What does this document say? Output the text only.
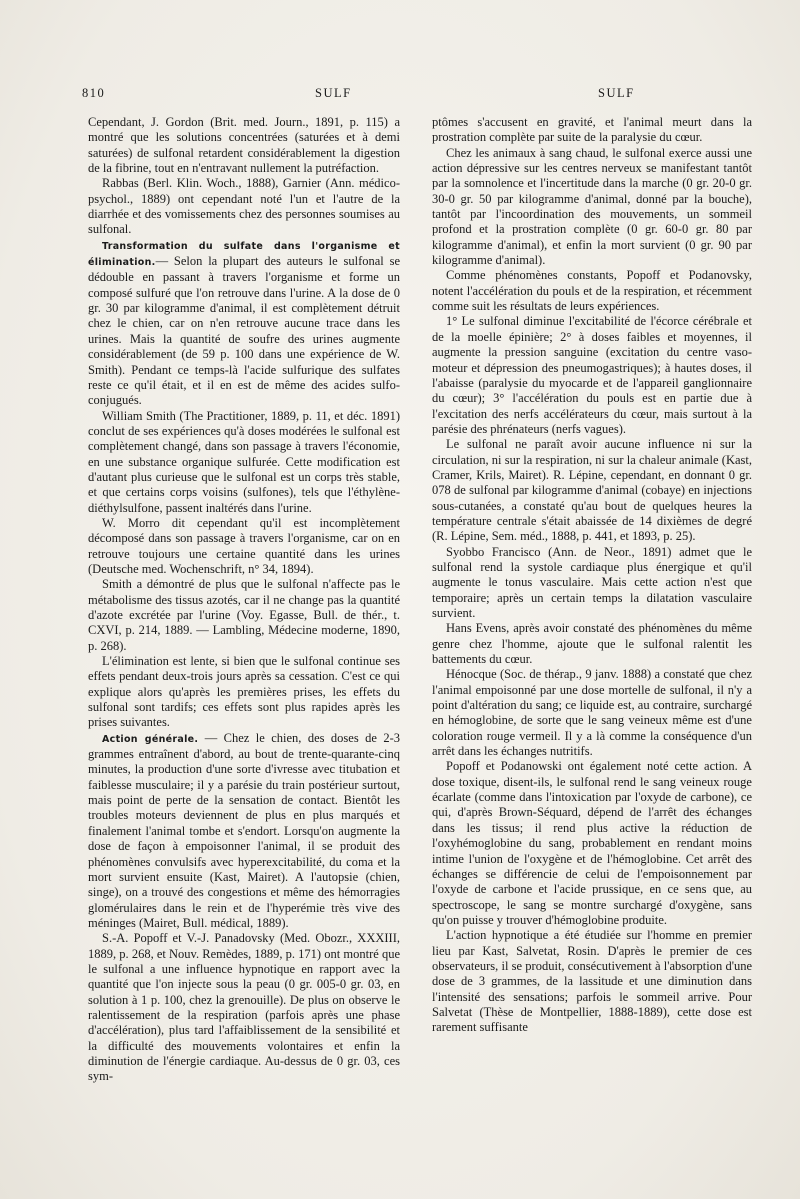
810	SULF	SULF

Cependant, J. Gordon (Brit. med. Journ., 1891, p. 115) a montré que les solutions concentrées (saturées et à demi saturées) de sulfonal retardent considérablement la digestion de la fibrine, tout en n'entravant nullement la putréfaction.

Rabbas (Berl. Klin. Woch., 1888), Garnier (Ann. médico-psychol., 1889) ont cependant noté l'un et l'autre de la diarrhée et des vomissements chez des personnes soumises au sulfonal.

Transformation du sulfate dans l'organisme et élimination.— Selon la plupart des auteurs le sulfonal se dédouble en passant à travers l'organisme et forme un composé sulfuré que l'on retrouve dans l'urine. A la dose de 0 gr. 30 par kilogramme d'animal, il est complètement détruit chez le chien, car on n'en retrouve aucune trace dans les urines. Mais la quantité de soufre des urines augmente considérablement (de 59 p. 100 dans une expérience de W. Smith). Pendant ce temps-là l'acide sulfurique des sulfates reste ce qu'il était, et il en est de même des acides sulfo-conjugués.

William Smith (The Practitioner, 1889, p. 11, et déc. 1891) conclut de ses expériences qu'à doses modérées le sulfonal est complètement changé, dans son passage à travers l'économie, en une substance organique sulfurée. Cette modification est d'autant plus curieuse que le sulfonal est un corps très stable, et que certains corps voisins (sulfones), tels que l'éthylène-diéthylsulfone, passent inaltérés dans l'urine.

W. Morro dit cependant qu'il est incomplètement décomposé dans son passage à travers l'organisme, car on en retrouve toujours une certaine quantité dans les urines (Deutsche med. Wochenschrift, n° 34, 1894).

Smith a démontré de plus que le sulfonal n'affecte pas le métabolisme des tissus azotés, car il ne change pas la quantité d'azote excrétée par l'urine (Voy. Egasse, Bull. de thér., t. CXVI, p. 214, 1889. — Lambling, Médecine moderne, 1890, p. 268).

L'élimination est lente, si bien que le sulfonal continue ses effets pendant deux-trois jours après sa cessation. C'est ce qui explique alors qu'après les premières prises, les effets du sulfonal sont tardifs; ces effets sont plus rapides après les prises suivantes.

Action générale. — Chez le chien, des doses de 2-3 grammes entraînent d'abord, au bout de trente-quarante-cinq minutes, la production d'une sorte d'ivresse avec titubation et faiblesse musculaire; il y a parésie du train postérieur surtout, mais point de perte de la sensation de contact. Bientôt les troubles moteurs deviennent de plus en plus marqués et finalement l'animal tombe et s'endort. Lorsqu'on augmente la dose de façon à empoisonner l'animal, il se produit des phénomènes convulsifs avec hyperexcitabilité, du coma et la mort survient ensuite (Kast, Mairet). A l'autopsie (chien, singe), on a trouvé des congestions et même des hémorragies glomérulaires dans le rein et de l'hyperémie très vive des méninges (Mairet, Bull. médical, 1889).

S.-A. Popoff et V.-J. Panadovsky (Med. Obozr., XXXIII, 1889, p. 268, et Nouv. Remèdes, 1889, p. 171) ont montré que le sulfonal a une influence hypnotique en rapport avec la quantité que l'on injecte sous la peau (0 gr. 005-0 gr. 03, en solution à 1 p. 100, chez la grenouille). De plus on observe le ralentissement de la respiration (parfois après une phase d'accélération), plus tard l'affaiblissement de la sensibilité et la difficulté des mouvements volontaires et enfin la diminution de l'énergie cardiaque. Au-dessus de 0 gr. 03, ces sym-

ptômes s'accusent en gravité, et l'animal meurt dans la prostration complète par suite de la paralysie du cœur.

Chez les animaux à sang chaud, le sulfonal exerce aussi une action dépressive sur les centres nerveux se manifestant tantôt par la somnolence et l'incertitude dans la marche (0 gr. 20-0 gr. 30-0 gr. 50 par kilogramme d'animal, donné par la bouche), tantôt par l'incoordination des mouvements, un sommeil profond et la prostration complète (0 gr. 60-0 gr. 80 par kilogramme d'animal), et enfin la mort survient (0 gr. 90 par kilogramme d'animal).

Comme phénomènes constants, Popoff et Podanovsky, notent l'accélération du pouls et de la respiration, et récemment comme suit les résultats de leurs expériences.

1° Le sulfonal diminue l'excitabilité de l'écorce cérébrale et de la moelle épinière; 2° à doses faibles et moyennes, il augmente la pression sanguine (excitation du centre vaso-moteur et dépression des pneumogastriques); à hautes doses, il l'abaisse (paralysie du myocarde et de l'appareil ganglionnaire du cœur); 3° l'accélération du pouls est en partie due à l'excitation des nerfs accélérateurs du cœur, mais surtout à la parésie des phrénateurs (nerfs vagues).

Le sulfonal ne paraît avoir aucune influence ni sur la circulation, ni sur la respiration, ni sur la chaleur animale (Kast, Cramer, Krils, Mairet). R. Lépine, cependant, en donnant 0 gr. 078 de sulfonal par kilogramme d'animal (cobaye) en injections sous-cutanées, a constaté qu'au bout de quelques heures la température centrale s'était abaissée de 14 dixièmes de degré (R. Lépine, Sem. méd., 1888, p. 441, et 1893, p. 25).

Syobbo Francisco (Ann. de Neor., 1891) admet que le sulfonal rend la systole cardiaque plus énergique et qu'il augmente le tonus vasculaire. Mais cette action n'est que temporaire; après un certain temps la dilatation vasculaire survient.

Hans Evens, après avoir constaté des phénomènes du même genre chez l'homme, ajoute que le sulfonal ralentit les battements du cœur.

Hénocque (Soc. de thérap., 9 janv. 1888) a constaté que chez l'animal empoisonné par une dose mortelle de sulfonal, il n'y a point d'altération du sang; ce liquide est, au contraire, surchargé en hémoglobine, de sorte que le sang veineux même est d'une coloration rouge vermeil. Il y a là comme la conséquence d'un arrêt dans les échanges nutritifs.

Popoff et Podanowski ont également noté cette action. A dose toxique, disent-ils, le sulfonal rend le sang veineux rouge écarlate (comme dans l'intoxication par l'oxyde de carbone), ce qui, d'après Brown-Séquard, dépend de l'arrêt des échanges dans les tissus; il rend plus active la réduction de l'oxyhémoglobine du sang, probablement en rendant moins intime l'union de l'oxygène et de l'hémoglobine. Cet arrêt des échanges se différencie de celui de l'empoisonnement par l'oxyde de carbone et l'acide prussique, en ce sens que, au spectroscope, le sang se montre surchargé d'oxygène, sans qu'on puisse y trouver d'hémoglobine produite.

L'action hypnotique a été étudiée sur l'homme en premier lieu par Kast, Salvetat, Rosin. D'après le premier de ces observateurs, il se produit, consécutivement à l'absorption d'une dose de 3 grammes, de la lassitude et une diminution dans l'intensité des sensations; parfois le sommeil arrive. Pour Salvetat (Thèse de Montpellier, 1888-1889), cette dose est rarement suffisante
